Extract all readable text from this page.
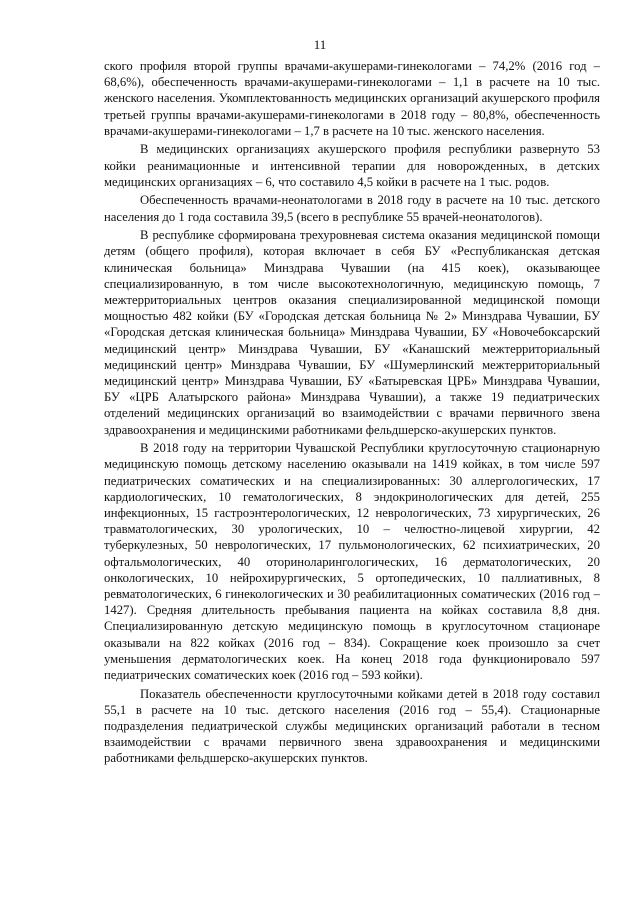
11

ского профиля второй группы врачами-акушерами-гинекологами – 74,2% (2016 год – 68,6%), обеспеченность врачами-акушерами-гинекологами – 1,1 в расчете на 10 тыс. женского населения. Укомплектованность медицинских организаций акушерского профиля третьей группы врачами-акушерами-гинекологами в 2018 году – 80,8%, обеспеченность врачами-акушерами-гинекологами – 1,7 в расчете на 10 тыс. женского населения.

В медицинских организациях акушерского профиля республики развернуто 53 койки реанимационные и интенсивной терапии для новорожденных, в детских медицинских организациях – 6, что составило 4,5 койки в расчете на 1 тыс. родов.

Обеспеченность врачами-неонатологами в 2018 году в расчете на 10 тыс. детского населения до 1 года составила 39,5 (всего в республике 55 врачей-неонатологов).

В республике сформирована трехуровневая система оказания медицинской помощи детям (общего профиля), которая включает в себя БУ «Республиканская детская клиническая больница» Минздрава Чувашии (на 415 коек), оказывающее специализированную, в том числе высокотехнологичную, медицинскую помощь, 7 межтерриториальных центров оказания специализированной медицинской помощи мощностью 482 койки (БУ «Городская детская больница № 2» Минздрава Чувашии, БУ «Городская детская клиническая больница» Минздрава Чувашии, БУ «Новочебоксарский медицинский центр» Минздрава Чувашии, БУ «Канашский межтерриториальный медицинский центр» Минздрава Чувашии, БУ «Шумерлинский межтерриториальный медицинский центр» Минздрава Чувашии, БУ «Батыревская ЦРБ» Минздрава Чувашии, БУ «ЦРБ Алатырского района» Минздрава Чувашии), а также 19 педиатрических отделений медицинских организаций во взаимодействии с врачами первичного звена здравоохранения и медицинскими работниками фельдшерско-акушерских пунктов.

В 2018 году на территории Чувашской Республики круглосуточную стационарную медицинскую помощь детскому населению оказывали на 1419 койках, в том числе 597 педиатрических соматических и на специализированных: 30 аллергологических, 17 кардиологических, 10 гематологических, 8 эндокринологических для детей, 255 инфекционных, 15 гастроэнтерологических, 12 неврологических, 73 хирургических, 26 травматологических, 30 урологических, 10 – челюстно-лицевой хирургии, 42 туберкулезных, 50 неврологических, 17 пульмонологических, 62 психиатрических, 20 офтальмологических, 40 оториноларингологических, 16 дерматологических, 20 онкологических, 10 нейрохирургических, 5 ортопедических, 10 паллиативных, 8 ревматологических, 6 гинекологических и 30 реабилитационных соматических (2016 год – 1427). Средняя длительность пребывания пациента на койках составила 8,8 дня. Специализированную детскую медицинскую помощь в круглосуточном стационаре оказывали на 822 койках (2016 год – 834). Сокращение коек произошло за счет уменьшения дерматологических коек. На конец 2018 года функционировало 597 педиатрических соматических коек (2016 год – 593 койки).

Показатель обеспеченности круглосуточными койками детей в 2018 году составил 55,1 в расчете на 10 тыс. детского населения (2016 год – 55,4). Стационарные подразделения педиатрической службы медицинских организаций работали в тесном взаимодействии с врачами первичного звена здравоохранения и медицинскими работниками фельдшерско-акушерских пунктов.
